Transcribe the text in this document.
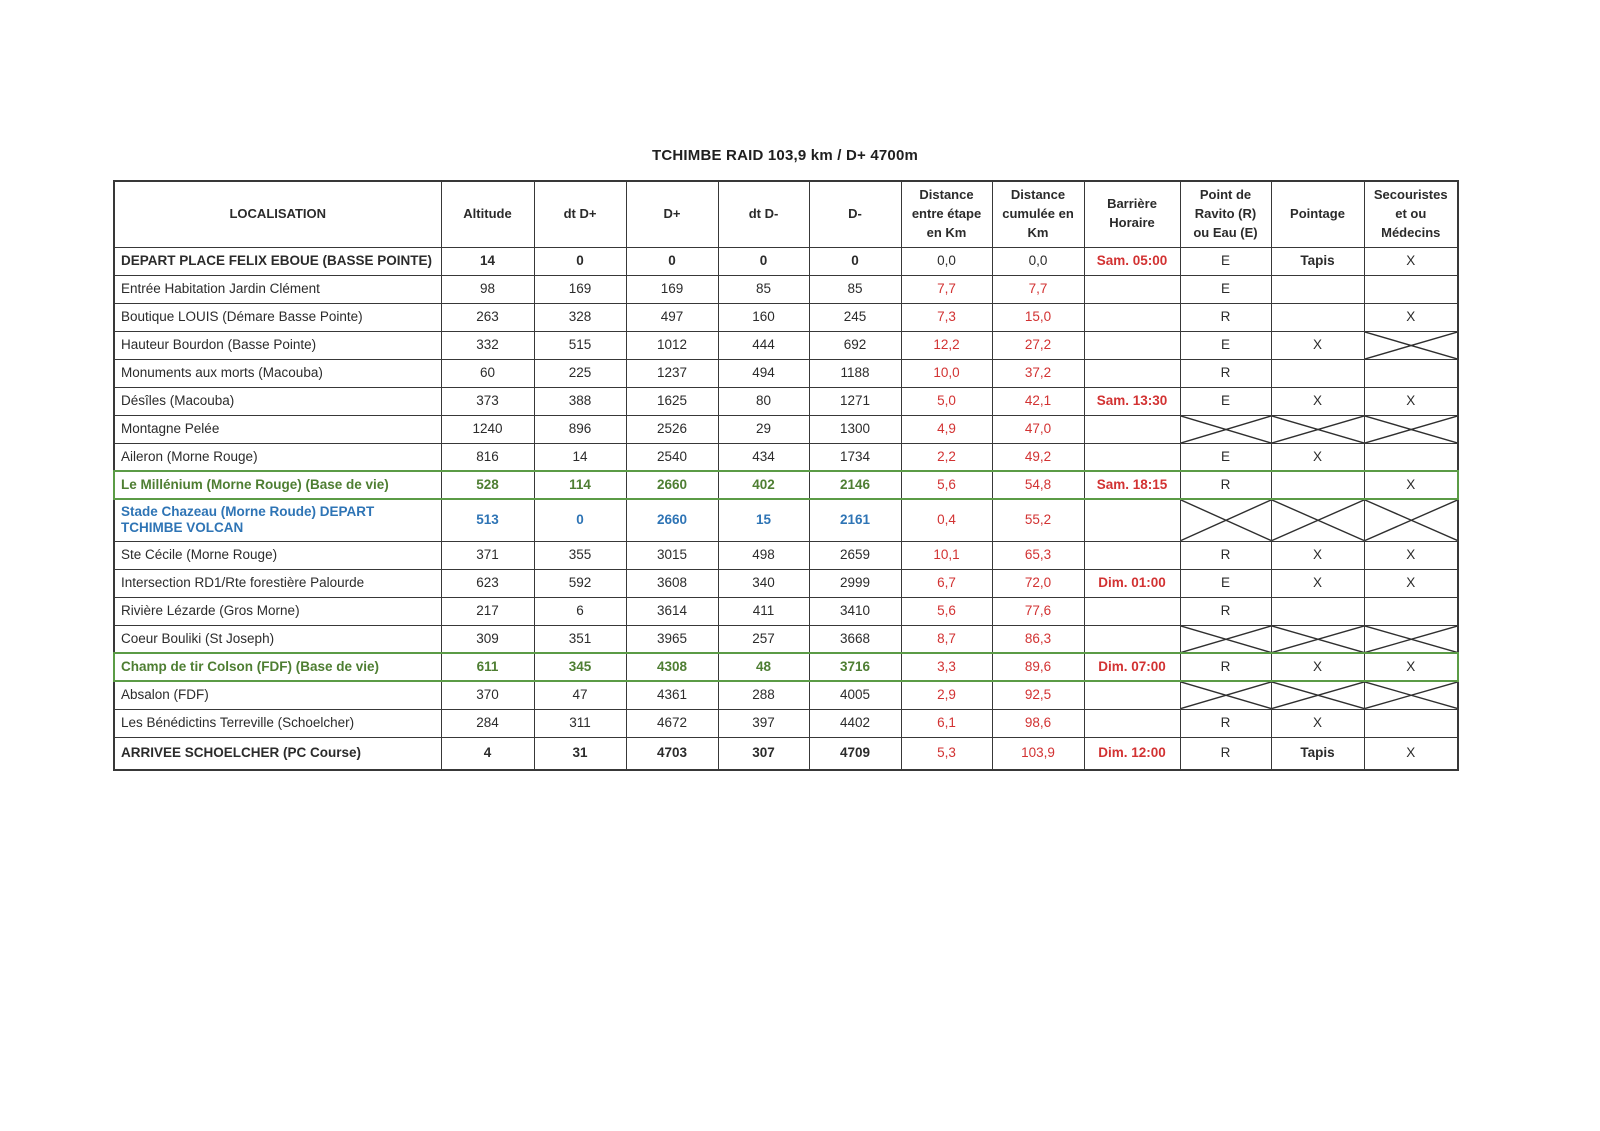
TCHIMBE RAID 103,9 km / D+ 4700m
LOCALISATION	Altitude	dt D+	D+	dt D-	D-	Distance entre étape en Km	Distance cumulée en Km	Barrière Horaire	Point de Ravito (R) ou Eau (E)	Pointage	Secouristes et ou Médecins
DEPART PLACE FELIX EBOUE (BASSE POINTE)	14	0	0	0	0	0,0	0,0	Sam. 05:00	E	Tapis	X
Entrée Habitation Jardin Clément	98	169	169	85	85	7,7	7,7		E		
Boutique LOUIS (Démare Basse Pointe)	263	328	497	160	245	7,3	15,0		R		X
Hauteur Bourdon (Basse Pointe)	332	515	1012	444	692	12,2	27,2		E	X	

Monuments aux morts (Macouba)	60	225	1237	494	1188	10,0	37,2		R		
Désîles (Macouba)	373	388	1625	80	1271	5,0	42,1	Sam. 13:30	E	X	X
Montagne Pelée	1240	896	2526	29	1300	4,9	47,0		

Aileron (Morne Rouge)	816	14	2540	434	1734	2,2	49,2		E	X	
Le Millénium (Morne Rouge) (Base de vie)	528	114	2660	402	2146	5,6	54,8	Sam. 18:15	R		X
Stade Chazeau (Morne Roude) DEPART TCHIMBE VOLCAN	513	0	2660	15	2161	0,4	55,2		

Ste Cécile (Morne Rouge)	371	355	3015	498	2659	10,1	65,3		R	X	X
Intersection RD1/Rte forestière Palourde	623	592	3608	340	2999	6,7	72,0	Dim. 01:00	E	X	X
Rivière Lézarde (Gros Morne)	217	6	3614	411	3410	5,6	77,6		R		
Coeur Bouliki (St Joseph)	309	351	3965	257	3668	8,7	86,3		

Champ de tir Colson (FDF) (Base de vie)	611	345	4308	48	3716	3,3	89,6	Dim. 07:00	R	X	X
Absalon (FDF)	370	47	4361	288	4005	2,9	92,5		

Les Bénédictins Terreville (Schoelcher)	284	311	4672	397	4402	6,1	98,6		R	X	
ARRIVEE SCHOELCHER (PC Course)	4	31	4703	307	4709	5,3	103,9	Dim. 12:00	R	Tapis	X
